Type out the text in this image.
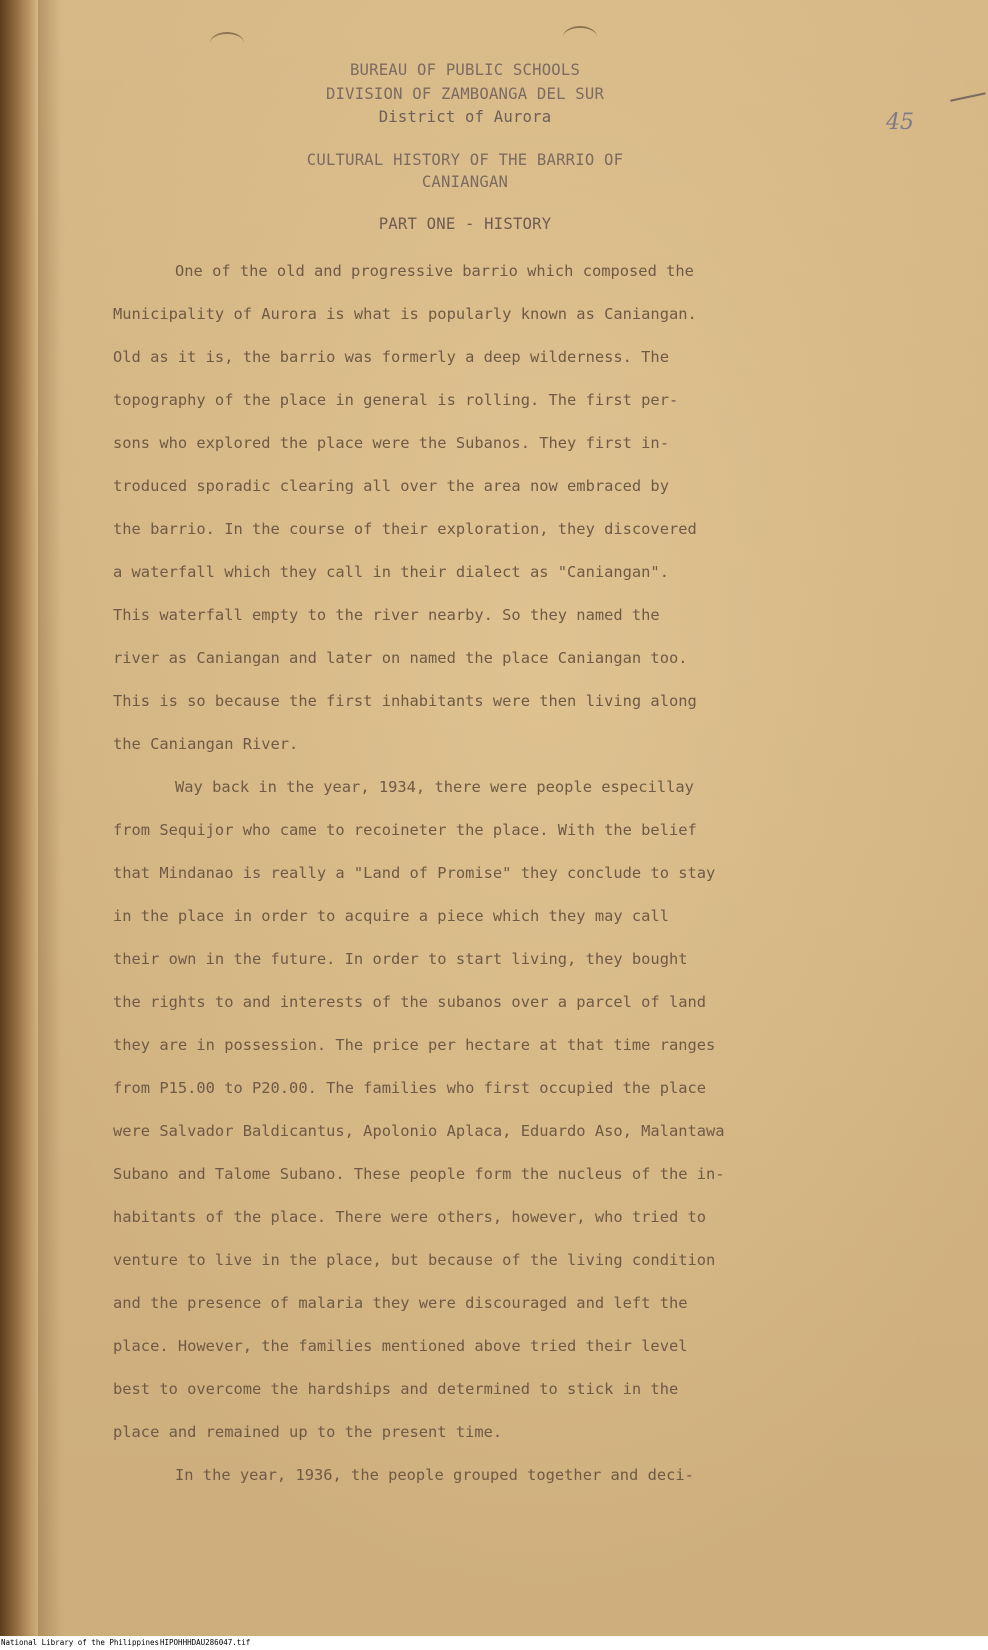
BUREAU OF PUBLIC SCHOOLS
DIVISION OF ZAMBOANGA DEL SUR
District of Aurora
CULTURAL HISTORY OF THE BARRIO OF
CANIANGAN
45
PART ONE - HISTORY
One of the old and progressive barrio which composed the
Municipality of Aurora is what is popularly known as Caniangan.
Old as it is, the barrio was formerly a deep wilderness. The
topography of the place in general is rolling. The first per-
sons who explored the place were the Subanos. They first in-
troduced sporadic clearing all over the area now embraced by
the barrio. In the course of their exploration, they discovered
a waterfall which they call in their dialect as "Caniangan".
This waterfall empty to the river nearby. So they named the
river as Caniangan and later on named the place Caniangan too.
This is so because the first inhabitants were then living along
the Caniangan River.
Way back in the year, 1934, there were people especillay
from Sequijor who came to recoineter the place. With the belief
that Mindanao is really a "Land of Promise" they conclude to stay
in the place in order to acquire a piece which they may call
their own in the future. In order to start living, they bought
the rights to and interests of the subanos over a parcel of land
they are in possession. The price per hectare at that time ranges
from P15.00 to P20.00. The families who first occupied the place
were Salvador Baldicantus, Apolonio Aplaca, Eduardo Aso, Malantawa
Subano and Talome Subano. These people form the nucleus of the in-
habitants of the place. There were others, however, who tried to
venture to live in the place, but because of the living condition
and the presence of malaria they were discouraged and left the
place. However, the families mentioned above tried their level
best to overcome the hardships and determined to stick in the
place and remained up to the present time.
In the year, 1936, the people grouped together and deci-
National Library of the Philippines HIPOHHHDAU286047.tif
